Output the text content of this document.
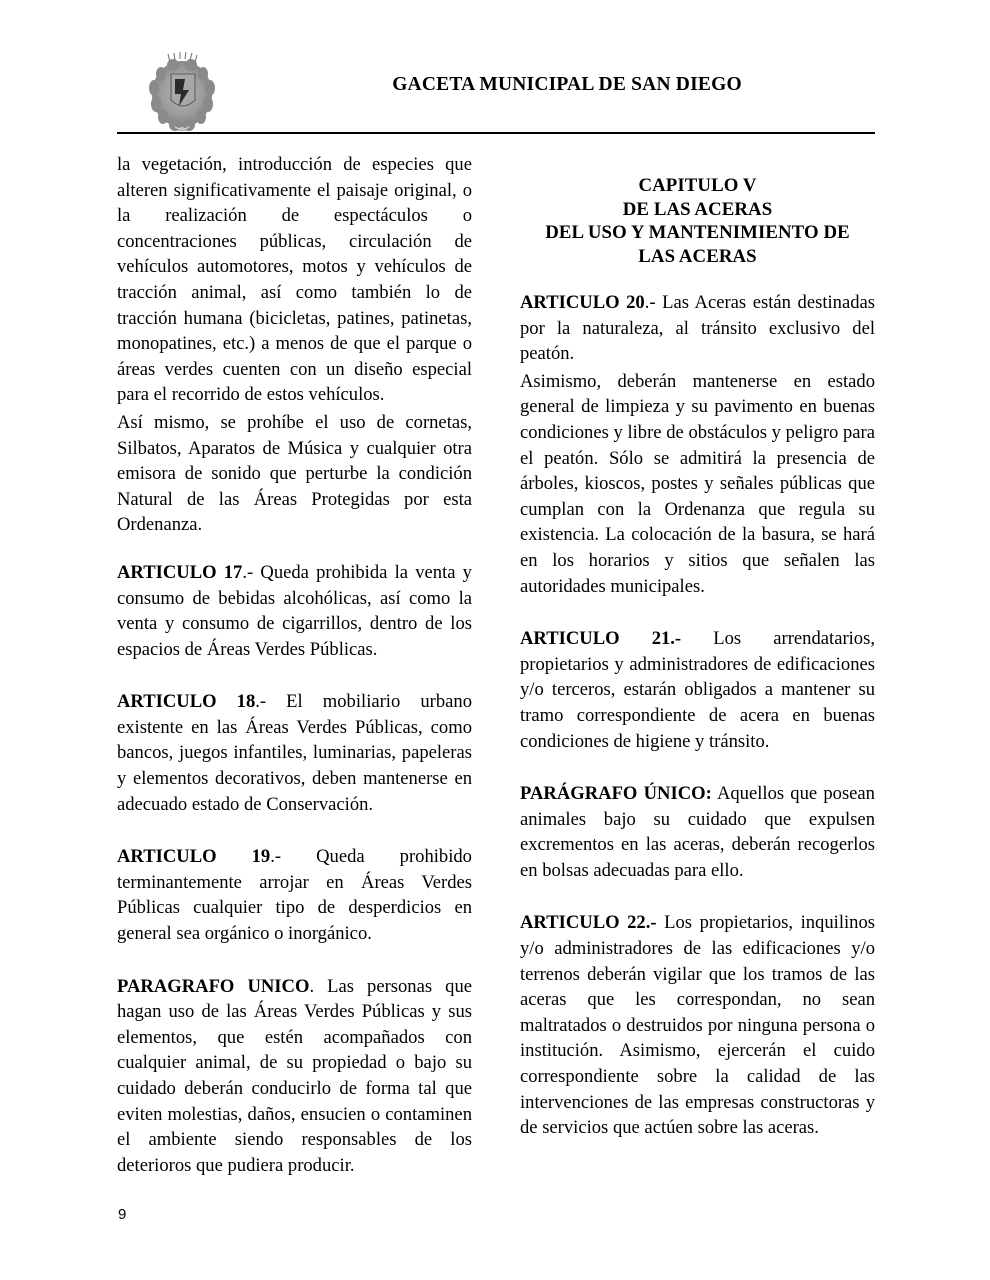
GACETA MUNICIPAL DE SAN DIEGO

la vegetación, introducción de especies que alteren significativamente el paisaje original, o la realización de espectáculos o concentraciones públicas, circulación de vehículos automotores, motos y vehículos de tracción animal, así como también lo de tracción humana (bicicletas, patines, patinetas, monopatines, etc.) a menos de que el parque o áreas verdes cuenten con un diseño especial para el recorrido de estos vehículos.

Así mismo, se prohíbe el uso de cornetas, Silbatos, Aparatos de Música y cualquier otra emisora de sonido que perturbe la condición Natural de las Áreas Protegidas por esta Ordenanza.

ARTICULO 17.- Queda prohibida la venta y consumo de bebidas alcohólicas, así como la venta y consumo de cigarrillos, dentro de los espacios de Áreas Verdes Públicas.

ARTICULO 18.- El mobiliario urbano existente en las Áreas Verdes Públicas, como bancos, juegos infantiles, luminarias, papeleras y elementos decorativos, deben mantenerse en adecuado estado de Conservación.

ARTICULO 19.- Queda prohibido terminantemente arrojar en Áreas Verdes Públicas cualquier tipo de desperdicios en general sea orgánico o inorgánico.

PARAGRAFO UNICO. Las personas que hagan uso de las Áreas Verdes Públicas y sus elementos, que estén acompañados con cualquier animal, de su propiedad o bajo su cuidado deberán conducirlo de forma tal que eviten molestias, daños, ensucien o contaminen el ambiente siendo responsables de los deterioros que pudiera producir.

CAPITULO V
DE LAS ACERAS
DEL USO Y MANTENIMIENTO DE
LAS ACERAS

ARTICULO 20.- Las Aceras están destinadas por la naturaleza, al tránsito exclusivo del peatón.

Asimismo, deberán mantenerse en estado general de limpieza y su pavimento en buenas condiciones y libre de obstáculos y peligro para el peatón. Sólo se admitirá la presencia de árboles, kioscos, postes y señales públicas que cumplan con la Ordenanza que regula su existencia. La colocación de la basura, se hará en los horarios y sitios que señalen las autoridades municipales.

ARTICULO 21.- Los arrendatarios, propietarios y administradores de edificaciones y/o terceros, estarán obligados a mantener su tramo correspondiente de acera en buenas condiciones de higiene y tránsito.

PARÁGRAFO ÚNICO: Aquellos que posean animales bajo su cuidado que expulsen excrementos en las aceras, deberán recogerlos en bolsas adecuadas para ello.

ARTICULO 22.- Los propietarios, inquilinos y/o administradores de las edificaciones y/o terrenos deberán vigilar que los tramos de las aceras que les correspondan, no sean maltratados o destruidos por ninguna persona o institución. Asimismo, ejercerán el cuido correspondiente sobre la calidad de las intervenciones de las empresas constructoras y de servicios que actúen sobre las aceras.

9
